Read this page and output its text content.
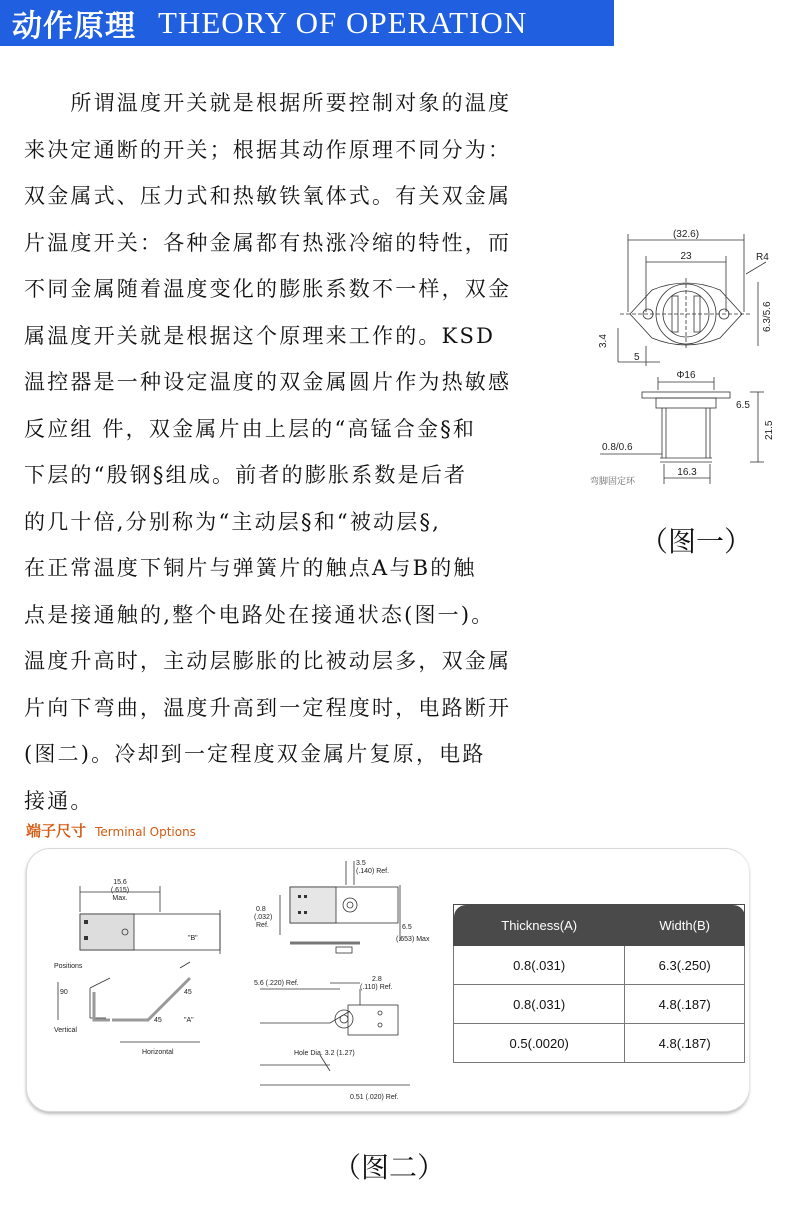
动作原理 THEORY OF OPERATION
　　所谓温度开关就是根据所要控制对象的温度
来决定通断的开关；根据其动作原理不同分为：
双金属式、压力式和热敏铁氧体式。有关双金属
片温度开关：各种金属都有热涨冷缩的特性，而
不同金属随着温度变化的膨胀系数不一样，双金
属温度开关就是根据这个原理来工作的。KSD
温控器是一种设定温度的双金属圆片作为热敏感
反应组 件，双金属片由上层的“高锰合金§和
下层的“殷钢§组成。前者的膨胀系数是后者
的几十倍,分别称为“主动层§和“被动层§,
在正常温度下铜片与弹簧片的触点A与B的触
点是接通触的,整个电路处在接通状态(图一)。
温度升高时，主动层膨胀的比被动层多，双金属
片向下弯曲，温度升高到一定程度时，电路断开
(图二)。冷却到一定程度双金属片复原，电路
接通。
(32.6)
23	R4
3.4
5
6.3/5.6
Φ16
6.5
21.5
0.8/0.6
16.3
弯脚固定环
（图一）
端子尺寸 Terminal Options
15.6
(.615)
Max.
"B"
Positions
90	45
45	"A"
Vertical
Horizontal
3.5
(.140) Ref.
0.8
(.032)
Ref.	6.5
(.653) Max
5.6 (.220) Ref.
2.8
(.110) Ref.
Hole Dia. 3.2 (1.27)
0.51 (.020) Ref.
Thickness(A)	Width(B)
0.8(.031)	6.3(.250)
0.8(.031)	4.8(.187)
0.5(.0020)	4.8(.187)
（图二）
